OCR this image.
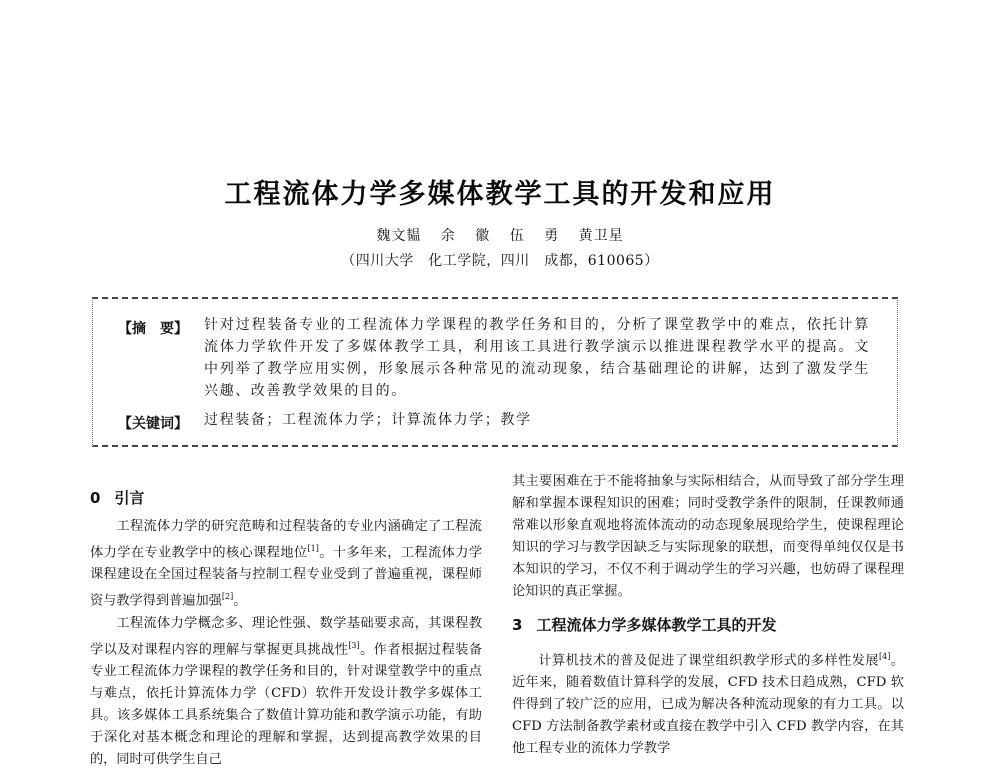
工程流体力学多媒体教学工具的开发和应用
魏文韫 余 徽 伍 勇 黄卫星
（四川大学　化工学院，四川　成都，610065）
【摘　要】 针对过程装备专业的工程流体力学课程的教学任务和目的，分析了课堂教学中的难点，依托计算流体力学软件开发了多媒体教学工具，利用该工具进行教学演示以推进课程教学水平的提高。文中列举了教学应用实例，形象展示各种常见的流动现象，结合基础理论的讲解，达到了激发学生兴趣、改善教学效果的目的。
【关键词】 过程装备；工程流体力学；计算流体力学；教学
0 引言

工程流体力学的研究范畴和过程装备的专业内涵确定了工程流体力学在专业教学中的核心课程地位[1]。十多年来，工程流体力学课程建设在全国过程装备与控制工程专业受到了普遍重视，课程师资与教学得到普遍加强[2]。

工程流体力学概念多、理论性强、数学基础要求高，其课程教学以及对课程内容的理解与掌握更具挑战性[3]。作者根据过程装备专业工程流体力学课程的教学任务和目的，针对课堂教学中的重点与难点，依托计算流体力学（CFD）软件开发设计教学多媒体工具。该多媒体工具系统集合了数值计算功能和教学演示功能，有助于深化对基本概念和理论的理解和掌握，达到提高教学效果的目的，同时可供学生自己

其主要困难在于不能将抽象与实际相结合，从而导致了部分学生理解和掌握本课程知识的困难；同时受教学条件的限制，任课教师通常难以形象直观地将流体流动的动态现象展现给学生，使课程理论知识的学习与教学因缺乏与实际现象的联想，而变得单纯仅仅是书本知识的学习，不仅不利于调动学生的学习兴趣，也妨碍了课程理论知识的真正掌握。

3 工程流体力学多媒体教学工具的开发

计算机技术的普及促进了课堂组织教学形式的多样性发展[4]。近年来，随着数值计算科学的发展，CFD 技术日趋成熟，CFD 软件得到了较广泛的应用，已成为解决各种流动现象的有力工具。以 CFD 方法制备教学素材或直接在教学中引入 CFD 教学内容，在其他工程专业的流体力学教学
